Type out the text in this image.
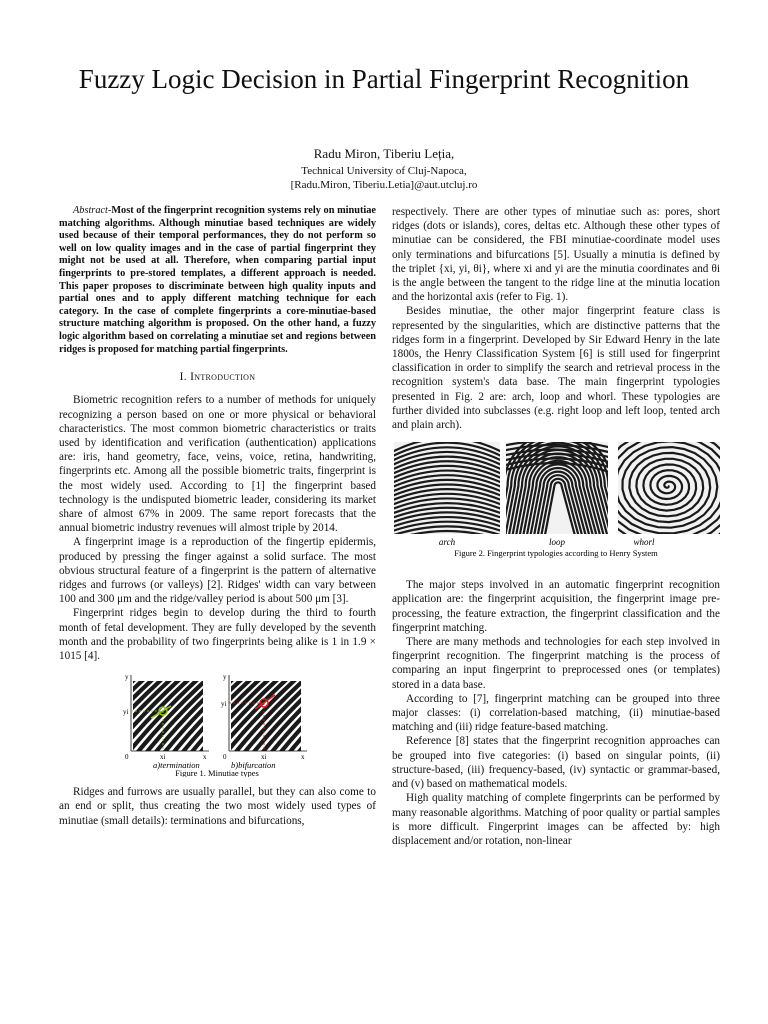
Fuzzy Logic Decision in Partial Fingerprint Recognition
Radu Miron, Tiberiu Leția,
Technical University of Cluj-Napoca,
[Radu.Miron, Tiberiu.Letia]@aut.utcluj.ro

Abstract-Most of the fingerprint recognition systems rely on minutiae matching algorithms. Although minutiae based techniques are widely used because of their temporal performances, they do not perform so well on low quality images and in the case of partial fingerprint they might not be used at all. Therefore, when comparing partial input fingerprints to pre-stored templates, a different approach is needed. This paper proposes to discriminate between high quality inputs and partial ones and to apply different matching technique for each category. In the case of complete fingerprints a core-minutiae-based structure matching algorithm is proposed. On the other hand, a fuzzy logic algorithm based on correlating a minutiae set and regions between ridges is proposed for matching partial fingerprints.

I. Introduction

Biometric recognition refers to a number of methods for uniquely recognizing a person based on one or more physical or behavioral characteristics. The most common biometric characteristics or traits used by identification and verification (authentication) applications are: iris, hand geometry, face, veins, voice, retina, handwriting, fingerprints etc. Among all the possible biometric traits, fingerprint is the most widely used. According to [1] the fingerprint based technology is the undisputed biometric leader, considering its market share of almost 67% in 2009. The same report forecasts that the annual biometric industry revenues will almost triple by 2014.

A fingerprint image is a reproduction of the fingertip epidermis, produced by pressing the finger against a solid surface. The most obvious structural feature of a fingerprint is the pattern of alternative ridges and furrows (or valleys) [2]. Ridges' width can vary between 100 and 300 μm and the ridge/valley period is about 500 μm [3].

Fingerprint ridges begin to develop during the third to fourth month of fetal development. They are fully developed by the seventh month and the probability of two fingerprints being alike is 1 in 1.9 × 1015 [4].

y
yi
0	xi	x
y
yi
0	xi	x
a)termination	b)bifurcation
Figure 1. Minutiae types

Ridges and furrows are usually parallel, but they can also come to an end or split, thus creating the two most widely used types of minutiae (small details): terminations and bifurcations,

respectively. There are other types of minutiae such as: pores, short ridges (dots or islands), cores, deltas etc. Although these other types of minutiae can be considered, the FBI minutiae-coordinate model uses only terminations and bifurcations [5]. Usually a minutia is defined by the triplet {xi, yi, θi}, where xi and yi are the minutia coordinates and θi is the angle between the tangent to the ridge line at the minutia location and the horizontal axis (refer to Fig. 1).

Besides minutiae, the other major fingerprint feature class is represented by the singularities, which are distinctive patterns that the ridges form in a fingerprint. Developed by Sir Edward Henry in the late 1800s, the Henry Classification System [6] is still used for fingerprint classification in order to simplify the search and retrieval process in the recognition system's data base. The main fingerprint typologies presented in Fig. 2 are: arch, loop and whorl. These typologies are further divided into subclasses (e.g. right loop and left loop, tented arch and plain arch).

arch	loop	whorl
Figure 2. Fingerprint typologies according to Henry System

The major steps involved in an automatic fingerprint recognition application are: the fingerprint acquisition, the fingerprint image pre-processing, the feature extraction, the fingerprint classification and the fingerprint matching.

There are many methods and technologies for each step involved in fingerprint recognition. The fingerprint matching is the process of comparing an input fingerprint to preprocessed ones (or templates) stored in a data base.

According to [7], fingerprint matching can be grouped into three major classes: (i) correlation-based matching, (ii) minutiae-based matching and (iii) ridge feature-based matching.

Reference [8] states that the fingerprint recognition approaches can be grouped into five categories: (i) based on singular points, (ii) structure-based, (iii) frequency-based, (iv) syntactic or grammar-based, and (v) based on mathematical models.

High quality matching of complete fingerprints can be performed by many reasonable algorithms. Matching of poor quality or partial samples is more difficult. Fingerprint images can be affected by: high displacement and/or rotation, non-linear
